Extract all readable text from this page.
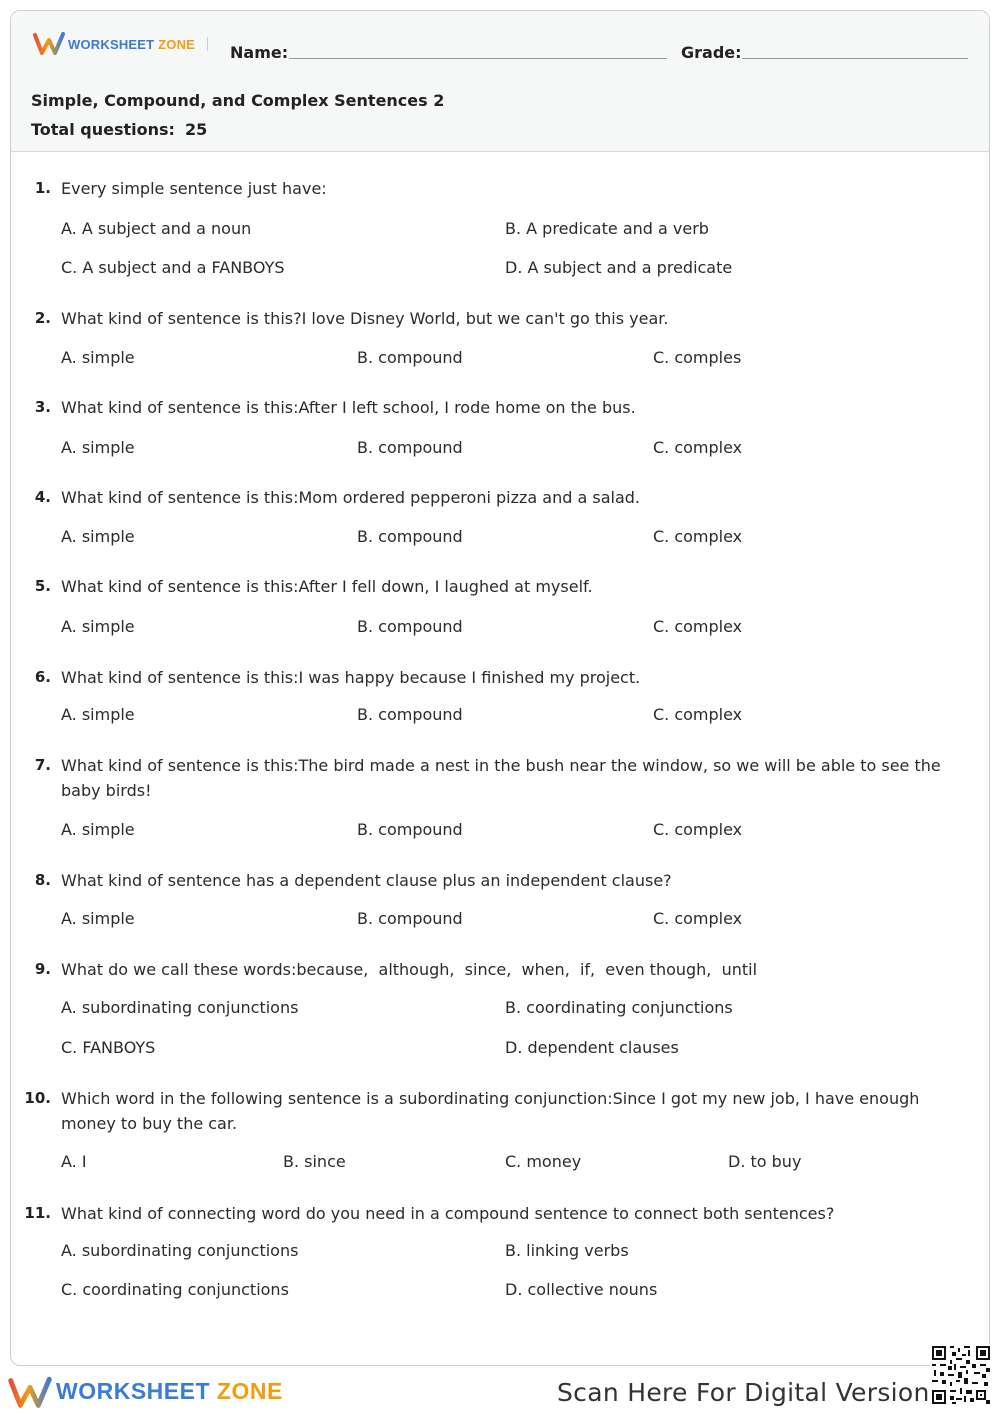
WORKSHEET ZONE Name:	Grade:
Simple, Compound, and Complex Sentences 2
Total questions: 25
1. Every simple sentence just have:
A. A subject and a noun	B. A predicate and a verb
C. A subject and a FANBOYS	D. A subject and a predicate
2. What kind of sentence is this?I love Disney World, but we can't go this year.
A. simple	B. compound	C. comples
3. What kind of sentence is this:After I left school, I rode home on the bus.
A. simple	B. compound	C. complex
4. What kind of sentence is this:Mom ordered pepperoni pizza and a salad.
A. simple	B. compound	C. complex
5. What kind of sentence is this:After I fell down, I laughed at myself.
A. simple	B. compound	C. complex
6. What kind of sentence is this:I was happy because I finished my project.
A. simple	B. compound	C. complex
7. What kind of sentence is this:The bird made a nest in the bush near the window, so we will be able to see the baby birds!
A. simple	B. compound	C. complex
8. What kind of sentence has a dependent clause plus an independent clause?
A. simple	B. compound	C. complex
9. What do we call these words:because,  although,  since,  when,  if,  even though,  until
A. subordinating conjunctions	B. coordinating conjunctions
C. FANBOYS	D. dependent clauses
10. Which word in the following sentence is a subordinating conjunction:Since I got my new job, I have enough money to buy the car.
A. I	B. since	C. money	D. to buy
11. What kind of connecting word do you need in a compound sentence to connect both sentences?
A. subordinating conjunctions	B. linking verbs
C. coordinating conjunctions	D. collective nouns
WORKSHEET ZONE	Scan Here For Digital Version
